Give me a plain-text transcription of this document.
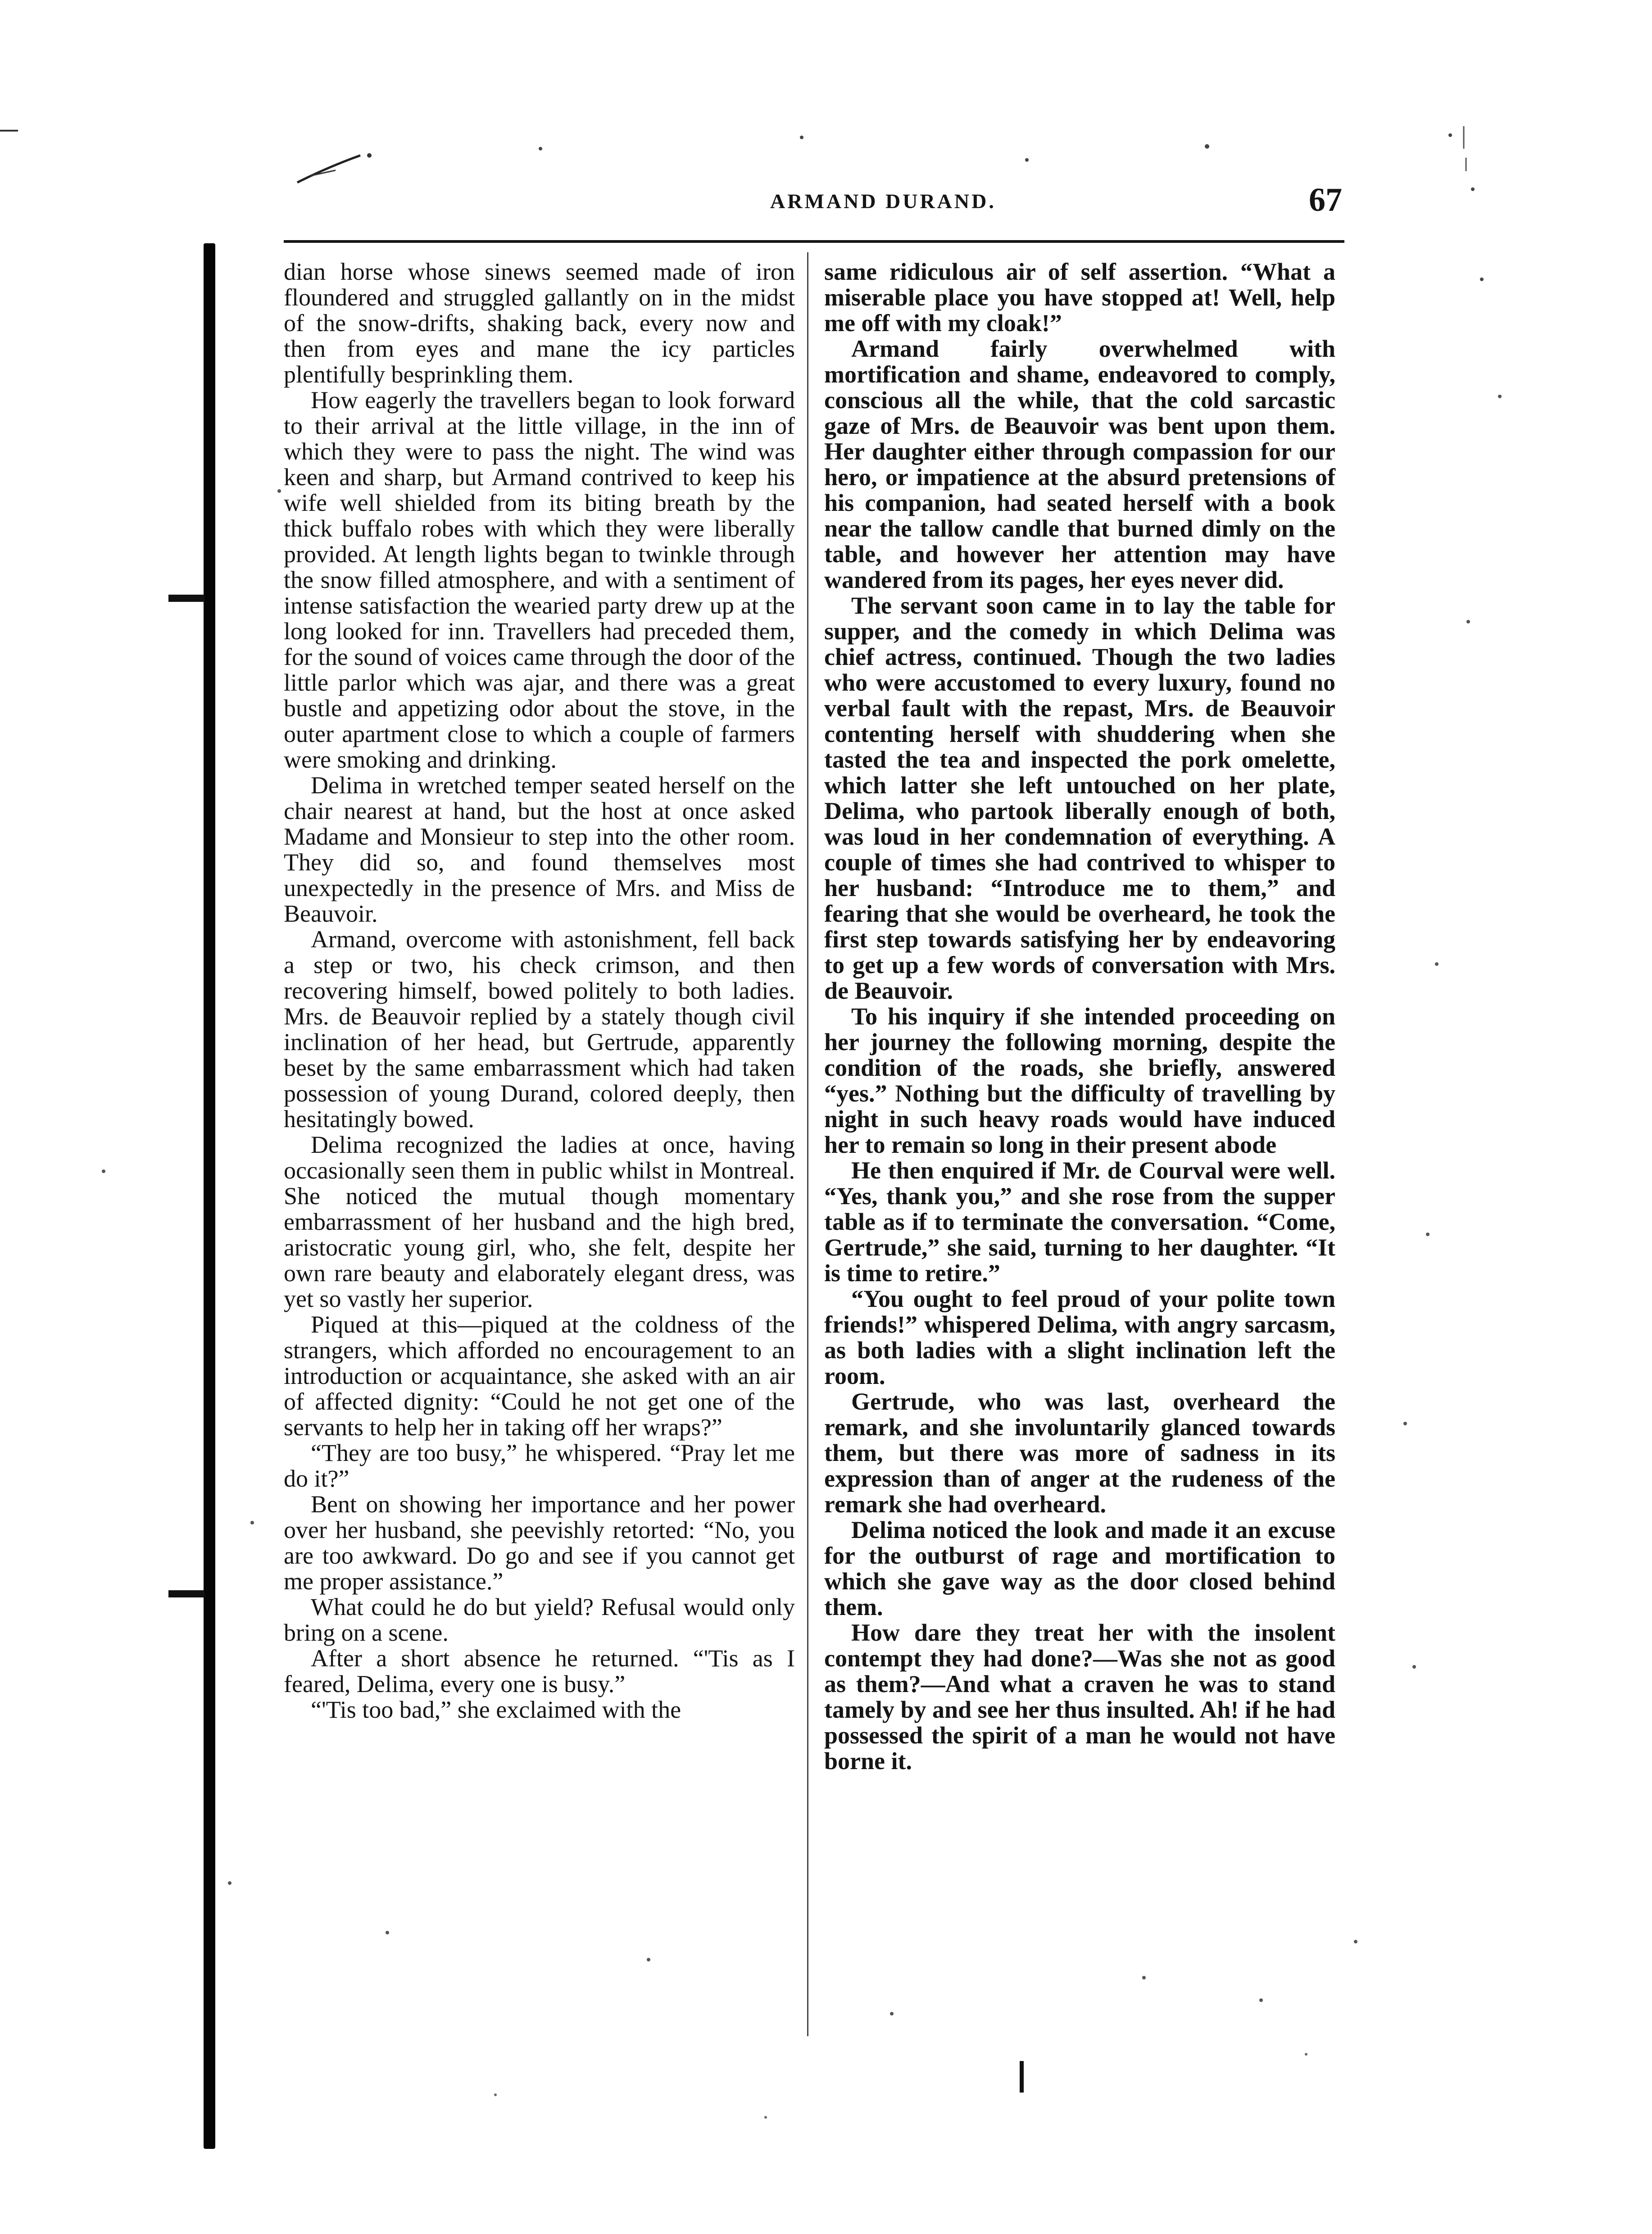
ARMAND DURAND.	67

dian horse whose sinews seemed made of iron floundered and struggled gallantly on in the midst of the snow-drifts, shaking back, every now and then from eyes and mane the icy particles plentifully besprinkling them.

How eagerly the travellers began to look forward to their arrival at the little village, in the inn of which they were to pass the night. The wind was keen and sharp, but Armand contrived to keep his wife well shielded from its biting breath by the thick buffalo robes with which they were liberally provided. At length lights began to twinkle through the snow filled atmosphere, and with a sentiment of intense satisfaction the wearied party drew up at the long looked for inn. Travellers had preceded them, for the sound of voices came through the door of the little parlor which was ajar, and there was a great bustle and appetizing odor about the stove, in the outer apartment close to which a couple of farmers were smoking and drinking.

Delima in wretched temper seated herself on the chair nearest at hand, but the host at once asked Madame and Monsieur to step into the other room. They did so, and found themselves most unexpectedly in the presence of Mrs. and Miss de Beauvoir.

Armand, overcome with astonishment, fell back a step or two, his check crimson, and then recovering himself, bowed politely to both ladies. Mrs. de Beauvoir replied by a stately though civil inclination of her head, but Gertrude, apparently beset by the same embarrassment which had taken possession of young Durand, colored deeply, then hesitatingly bowed.

Delima recognized the ladies at once, having occasionally seen them in public whilst in Montreal. She noticed the mutual though momentary embarrassment of her husband and the high bred, aristocratic young girl, who, she felt, despite her own rare beauty and elaborately elegant dress, was yet so vastly her superior.

Piqued at this—piqued at the coldness of the strangers, which afforded no encouragement to an introduction or acquaintance, she asked with an air of affected dignity: “Could he not get one of the servants to help her in taking off her wraps?”

“They are too busy,” he whispered. “Pray let me do it?”

Bent on showing her importance and her power over her husband, she peevishly retorted: “No, you are too awkward. Do go and see if you cannot get me proper assistance.”

What could he do but yield? Refusal would only bring on a scene.

After a short absence he returned. “'Tis as I feared, Delima, every one is busy.”

“'Tis too bad,” she exclaimed with the

same ridiculous air of self assertion. “What a miserable place you have stopped at! Well, help me off with my cloak!”

Armand fairly overwhelmed with mortification and shame, endeavored to comply, conscious all the while, that the cold sarcastic gaze of Mrs. de Beauvoir was bent upon them. Her daughter either through compassion for our hero, or impatience at the absurd pretensions of his companion, had seated herself with a book near the tallow candle that burned dimly on the table, and however her attention may have wandered from its pages, her eyes never did.

The servant soon came in to lay the table for supper, and the comedy in which Delima was chief actress, continued. Though the two ladies who were accustomed to every luxury, found no verbal fault with the repast, Mrs. de Beauvoir contenting herself with shuddering when she tasted the tea and inspected the pork omelette, which latter she left untouched on her plate, Delima, who partook liberally enough of both, was loud in her condemnation of everything. A couple of times she had contrived to whisper to her husband: “Introduce me to them,” and fearing that she would be overheard, he took the first step towards satisfying her by endeavoring to get up a few words of conversation with Mrs. de Beauvoir.

To his inquiry if she intended proceeding on her journey the following morning, despite the condition of the roads, she briefly, answered “yes.” Nothing but the difficulty of travelling by night in such heavy roads would have induced her to remain so long in their present abode

He then enquired if Mr. de Courval were well. “Yes, thank you,” and she rose from the supper table as if to terminate the conversation. “Come, Gertrude,” she said, turning to her daughter. “It is time to retire.”

“You ought to feel proud of your polite town friends!” whispered Delima, with angry sarcasm, as both ladies with a slight inclination left the room.

Gertrude, who was last, overheard the remark, and she involuntarily glanced towards them, but there was more of sadness in its expression than of anger at the rudeness of the remark she had overheard.

Delima noticed the look and made it an excuse for the outburst of rage and mortification to which she gave way as the door closed behind them.

How dare they treat her with the insolent contempt they had done?—Was she not as good as them?—And what a craven he was to stand tamely by and see her thus insulted. Ah! if he had possessed the spirit of a man he would not have borne it.
